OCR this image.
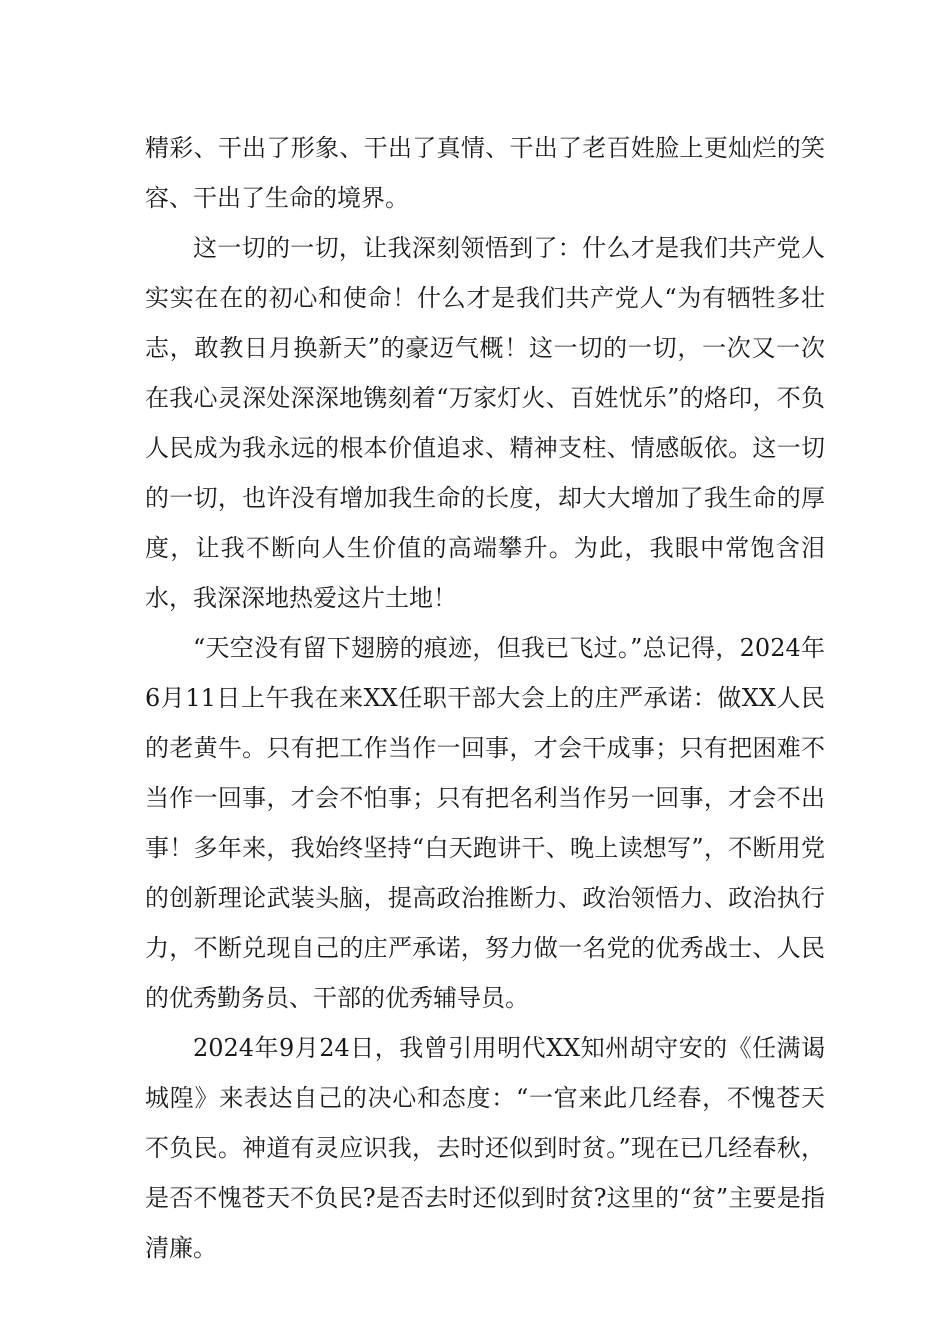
精彩、干出了形象、干出了真情、干出了老百姓脸上更灿烂的笑容、干出了生命的境界。

这一切的一切，让我深刻领悟到了：什么才是我们共产党人实实在在的初心和使命！什么才是我们共产党人“为有牺牲多壮志，敢教日月换新天”的豪迈气概！这一切的一切，一次又一次在我心灵深处深深地镌刻着“万家灯火、百姓忧乐”的烙印，不负人民成为我永远的根本价值追求、精神支柱、情感皈依。这一切的一切，也许没有增加我生命的长度，却大大增加了我生命的厚度，让我不断向人生价值的高端攀升。为此，我眼中常饱含泪水，我深深地热爱这片土地！

“天空没有留下翅膀的痕迹，但我已飞过。”总记得，2024年6月11日上午我在来XX任职干部大会上的庄严承诺：做XX人民的老黄牛。只有把工作当作一回事，才会干成事；只有把困难不当作一回事，才会不怕事；只有把名利当作另一回事，才会不出事！多年来，我始终坚持“白天跑讲干、晚上读想写”，不断用党的创新理论武装头脑，提高政治推断力、政治领悟力、政治执行力，不断兑现自己的庄严承诺，努力做一名党的优秀战士、人民的优秀勤务员、干部的优秀辅导员。

2024年9月24日，我曾引用明代XX知州胡守安的《任满谒城隍》来表达自己的决心和态度：“一官来此几经春，不愧苍天不负民。神道有灵应识我，去时还似到时贫。”现在已几经春秋，是否不愧苍天不负民?是否去时还似到时贫?这里的“贫”主要是指清廉。
